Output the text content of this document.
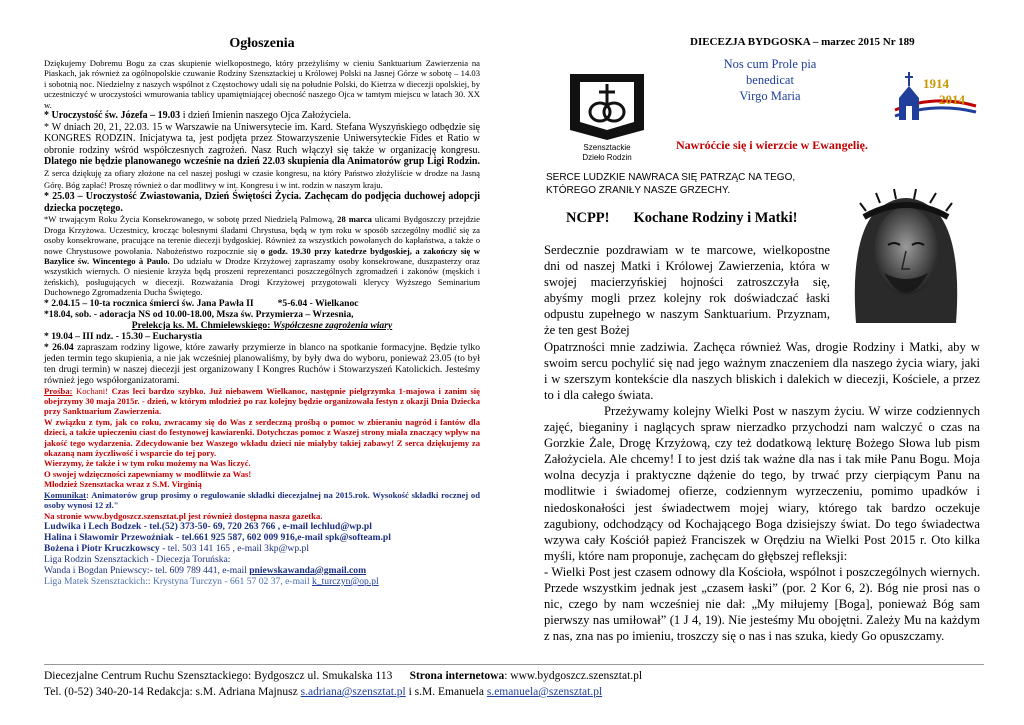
Ogłoszenia

Dziękujemy Dobremu Bogu za czas skupienie wielkopostnego, który przeżyliśmy w cieniu Sanktuarium Zawierzenia na Piaskach, jak również za ogólnopolskie czuwanie Rodziny Szensztackiej u Królowej Polski na Jasnej Górze w sobotę – 14.03 i sobotnią noc. Niedzielny z naszych wspólnot z Częstochowy udali się na południe Polski, do Kietrza w diecezji opolskiej, by uczestniczyć w uroczystości wmurowania tablicy upamiętniającej obecność naszego Ojca w tamtym miejscu w latach 30. XX w.

* Uroczystość św. Józefa – 19.03 i dzień Imienin naszego Ojca Założyciela.

* W dniach 20, 21, 22.03. 15 w Warszawie na Uniwersytecie im. Kard. Stefana Wyszyńskiego odbędzie się KONGRES RODZIN. Inicjatywa ta, jest podjęta przez Stowarzyszenie Uniwersyteckie Fides et Ratio w obronie rodziny wśród współczesnych zagrożeń. Nasz Ruch włączył się także w organizację kongresu. Dlatego nie będzie planowanego wcześnie na dzień 22.03 skupienia dla Animatorów grup Ligi Rodzin. Z serca dziękuję za ofiary złożone na cel naszej posługi w czasie kongresu, na który Państwo złożyliście w drodze na Jasną Górę. Bóg zapłać! Proszę również o dar modlitwy w int. Kongresu i w int. rodzin w naszym kraju.

* 25.03 – Uroczystość Zwiastowania, Dzień Świętości Życia. Zachęcam do podjęcia duchowej adopcji dziecka poczętego.

*W trwającym Roku Życia Konsekrowanego, w sobotę przed Niedzielą Palmową, 28 marca ulicami Bydgoszczy przejdzie Droga Krzyżowa. Uczestnicy, krocząc bolesnymi śladami Chrystusa, będą w tym roku w sposób szczególny modlić się za osoby konsekrowane, pracujące na terenie diecezji bydgoskiej. Również za wszystkich powołanych do kapłaństwa, a także o nowe Chrystusowe powołania. Nabożeństwo rozpocznie się o godz. 19.30 przy katedrze bydgoskiej, a zakończy się w Bazylice św. Wincentego à Paulo. Do udziału w Drodze Krzyżowej zapraszamy osoby konsekrowane, duszpasterzy oraz wszystkich wiernych. O niesienie krzyża będą proszeni reprezentanci poszczególnych zgromadzeń i zakonów (męskich i żeńskich), posługujących w diecezji. Rozważania Drogi Krzyżowej przygotowali klerycy Wyższego Seminarium Duchownego Zgromadzenia Ducha Świętego.

* 2.04.15 – 10-ta rocznica śmierci św. Jana Pawła II *5-6.04 - Wielkanoc

*18.04, sob. - adoracja NS od 10.00-18.00, Msza św. Przymierza – Wrzesnia,

Prelekcja ks. M. Chmielewskiego: Współczesne zagrożenia wiary

* 19.04 – III ndz. - 15.30 – Eucharystia

* 26.04 zapraszam rodziny ligowe, które zawarły przymierze in blanco na spotkanie formacyjne. Będzie tylko jeden termin tego skupienia, a nie jak wcześniej planowaliśmy, by były dwa do wyboru, ponieważ 23.05 (to był ten drugi termin) w naszej diecezji jest organizowany I Kongres Ruchów i Stowarzyszeń Katolickich. Jesteśmy również jego współorganizatorami.

Prośba: Kochani! Czas leci bardzo szybko. Już niebawem Wielkanoc, następnie pielgrzymka 1-majowa i zanim się obejrzymy 30 maja 2015r. - dzień, w którym młodzież po raz kolejny będzie organizowała festyn z okazji Dnia Dziecka przy Sanktuarium Zawierzenia.

W związku z tym, jak co roku, zwracamy się do Was z serdeczną prośbą o pomoc w zbieraniu nagród i fantów dla dzieci, a także upieczeniu ciast do festynowej kawiarenki. Dotychczas pomoc z Waszej strony miała znaczący wpływ na jakość tego wydarzenia. Zdecydowanie bez Waszego wkładu dzieci nie miałyby takiej zabawy! Z serca dziękujemy za okazaną nam życzliwość i wsparcie do tej pory.

Wierzymy, że także i w tym roku możemy na Was liczyć.

O swojej wdzięczności zapewniamy w modlitwie za Was!

Młodzież Szensztacka wraz z S.M. Virginią

Komunikat: Animatorów grup prosimy o regulowanie składki diecezjalnej na 2015.rok. Wysokość składki rocznej od osoby wynosi 12 zł."

Na stronie www.bydgoszcz.szensztat.pl jest również dostępna nasza gazetka.

Ludwika i Lech Bodzek - tel.(52) 373-50- 69, 720 263 766 , e-mail lechlud@wp.pl

Halina i Sławomir Przewoźniak - tel.661 925 587, 602 009 916,e-mail spk@softeam.pl

Bożena i Piotr Kruczkowscy - tel. 503 141 165 , e-mail 3kp@wp.pl

Liga Rodzin Szensztackich - Diecezja Toruńska:

Wanda i Bogdan Pniewscy:- tel. 609 789 441, e-mail pniewskawanda@gmail.com

Liga Matek Szensztackich:: Krystyna Turczyn - 661 57 02 37, e-mail k_turczyn@op.pl

DIECEZJA BYDGOSKA – marzec 2015 Nr 189
Szensztackie
Dzieło Rodzin
Nos cum Prole pia
benedicat
Virgo Maria
1914
2014
Nawróćcie się i wierzcie w Ewangelię.
SERCE LUDZKIE NAWRACA SIĘ PATRZĄC NA TEGO, KTÓREGO ZRANIŁY NASZE GRZECHY.
NCPP! Kochane Rodziny i Matki!

Serdecznie pozdrawiam w te marcowe, wielkopostne dni od naszej Matki i Królowej Zawierzenia, która w swojej macierzyńskiej hojności zatroszczyła się, abyśmy mogli przez kolejny rok doświadczać łaski odpustu zupełnego w naszym Sanktuarium. Przyznam, że ten gest Bożej

Opatrzności mnie zadziwia. Zachęca również Was, drogie Rodziny i Matki, aby w swoim sercu pochylić się nad jego ważnym znaczeniem dla naszego życia wiary, jaki i w szerszym kontekście dla naszych bliskich i dalekich w diecezji, Kościele, a przez to i dla całego świata.

Przeżywamy kolejny Wielki Post w naszym życiu. W wirze codziennych zajęć, bieganiny i naglących spraw nierzadko przychodzi nam walczyć o czas na Gorzkie Żale, Drogę Krzyżową, czy też dodatkową lekturę Bożego Słowa lub pism Założyciela. Ale chcemy! I to jest dziś tak ważne dla nas i tak miłe Panu Bogu. Moja wolna decyzja i praktyczne dążenie do tego, by trwać przy cierpiącym Panu na modlitwie i świadomej ofierze, codziennym wyrzeczeniu, pomimo upadków i niedoskonałości jest świadectwem mojej wiary, którego tak bardzo oczekuje zagubiony, odchodzący od Kochającego Boga dzisiejszy świat. Do tego świadectwa wzywa cały Kościół papież Franciszek w Orędziu na Wielki Post 2015 r. Oto kilka myśli, które nam proponuje, zachęcam do głębszej refleksji:

- Wielki Post jest czasem odnowy dla Kościoła, wspólnot i poszczególnych wiernych. Przede wszystkim jednak jest „czasem łaski” (por. 2 Kor 6, 2). Bóg nie prosi nas o nic, czego by nam wcześniej nie dał: „My miłujemy [Boga], ponieważ Bóg sam pierwszy nas umiłował” (1 J 4, 19). Nie jesteśmy Mu obojętni. Zależy Mu na każdym z nas, zna nas po imieniu, troszczy się o nas i nas szuka, kiedy Go opuszczamy.

Diecezjalne Centrum Ruchu Szensztackiego: Bydgoszcz ul. Smukalska 113 Strona internetowa: www.bydgoszcz.szensztat.pl
Tel. (0-52) 340-20-14 Redakcja: s.M. Adriana Majnusz s.adriana@szensztat.pl i s.M. Emanuela s.emanuela@szensztat.pl
